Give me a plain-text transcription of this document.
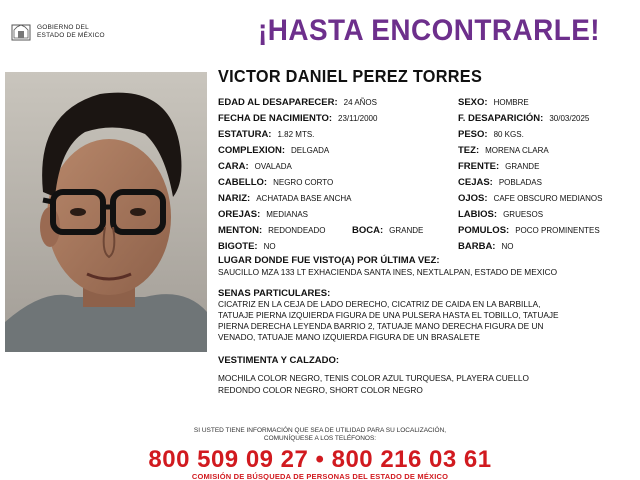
GOBIERNO DEL
ESTADO DE MÉXICO	¡HASTA ENCONTRARLE!
VICTOR DANIEL PEREZ TORRES
EDAD AL DESAPARECER: 24 AÑOS
FECHA DE NACIMIENTO: 23/11/2000
ESTATURA: 1.82 MTS.
COMPLEXION: DELGADA
CARA: OVALADA
CABELLO: NEGRO CORTO
NARIZ: ACHATADA BASE ANCHA
OREJAS: MEDIANAS
MENTON: REDONDEADO
BIGOTE: NO
BOCA: GRANDE
SEXO: HOMBRE
F. DESAPARICIÓN: 30/03/2025
PESO: 80 KGS.
TEZ: MORENA CLARA
FRENTE: GRANDE
CEJAS: POBLADAS
OJOS: CAFE OBSCURO MEDIANOS
LABIOS: GRUESOS
POMULOS: POCO PROMINENTES
BARBA: NO
LUGAR DONDE FUE VISTO(A) POR ÚLTIMA VEZ:
SAUCILLO MZA 133 LT EXHACIENDA SANTA INES, NEXTLALPAN, ESTADO DE MEXICO
SENAS PARTICULARES:
CICATRIZ EN LA CEJA DE LADO DERECHO, CICATRIZ DE CAIDA EN LA BARBILLA,
TATUAJE PIERNA IZQUIERDA FIGURA DE UNA PULSERA HASTA EL TOBILLO, TATUAJE
PIERNA DERECHA LEYENDA BARRIO 2, TATUAJE MANO DERECHA FIGURA DE UN
VENADO, TATUAJE MANO IZQUIERDA FIGURA DE UN BRASALETE
VESTIMENTA Y CALZADO:
MOCHILA COLOR NEGRO, TENIS COLOR AZUL TURQUESA, PLAYERA CUELLO
REDONDO COLOR NEGRO, SHORT COLOR NEGRO
SI USTED TIENE INFORMACIÓN QUE SEA DE UTILIDAD PARA SU LOCALIZACIÓN,
COMUNÍQUESE A LOS TELÉFONOS:
800 509 09 27 • 800 216 03 61
COMISIÓN DE BÚSQUEDA DE PERSONAS DEL ESTADO DE MÉXICO
